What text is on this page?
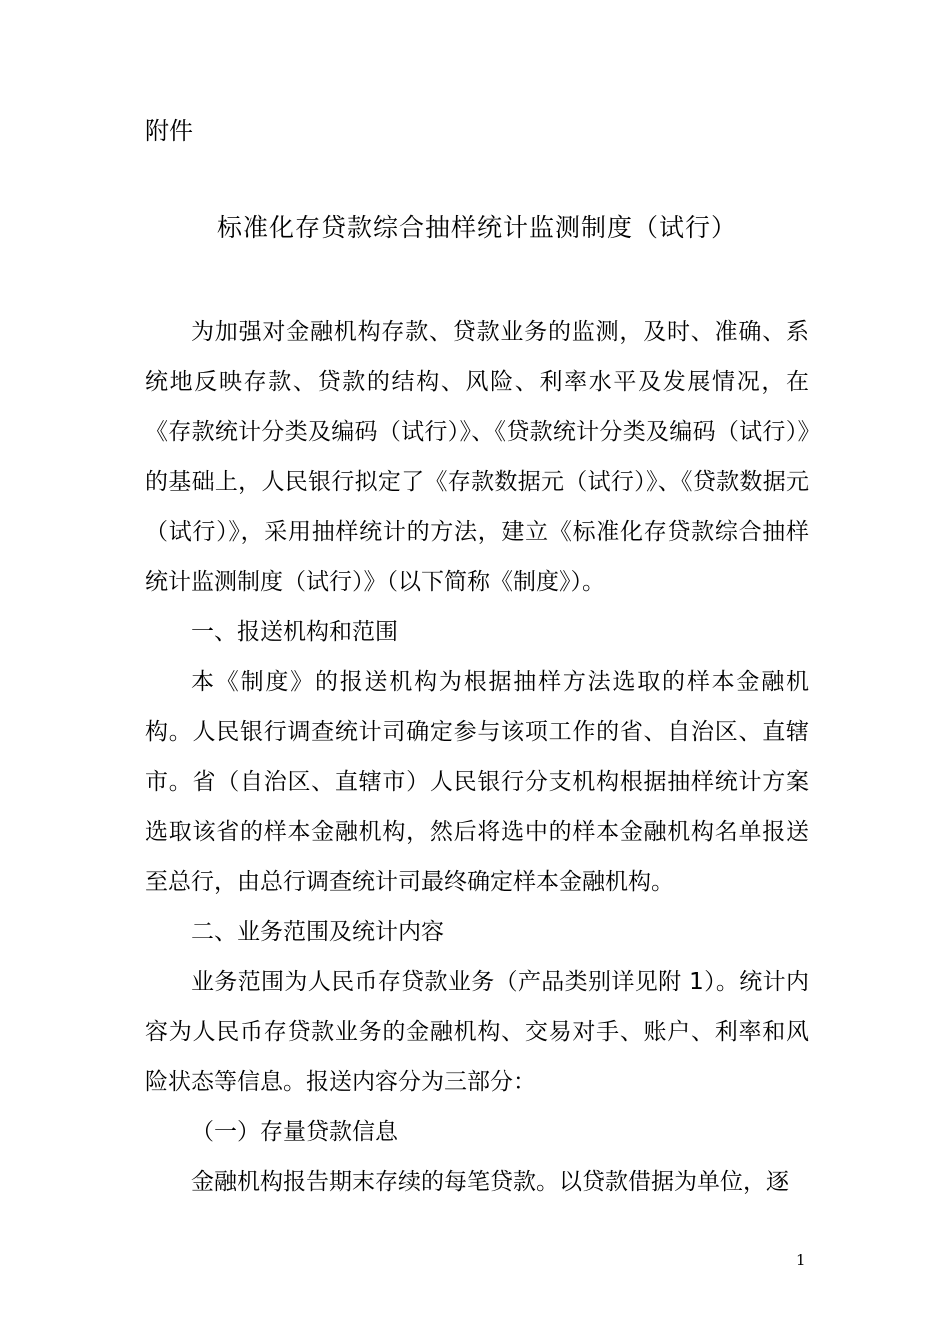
附件
标准化存贷款综合抽样统计监测制度（试行）

为加强对金融机构存款、贷款业务的监测，及时、准确、系统地反映存款、贷款的结构、风险、利率水平及发展情况，在《存款统计分类及编码（试行）》、《贷款统计分类及编码（试行）》的基础上，人民银行拟定了《存款数据元（试行）》、《贷款数据元（试行）》，采用抽样统计的方法，建立《标准化存贷款综合抽样统计监测制度（试行）》（以下简称《制度》）。

一、报送机构和范围

本《制度》的报送机构为根据抽样方法选取的样本金融机构。人民银行调查统计司确定参与该项工作的省、自治区、直辖市。省（自治区、直辖市）人民银行分支机构根据抽样统计方案选取该省的样本金融机构，然后将选中的样本金融机构名单报送至总行，由总行调查统计司最终确定样本金融机构。

二、业务范围及统计内容

业务范围为人民币存贷款业务（产品类别详见附 1）。统计内容为人民币存贷款业务的金融机构、交易对手、账户、利率和风险状态等信息。报送内容分为三部分：

（一）存量贷款信息

金融机构报告期末存续的每笔贷款。以贷款借据为单位，逐

1
